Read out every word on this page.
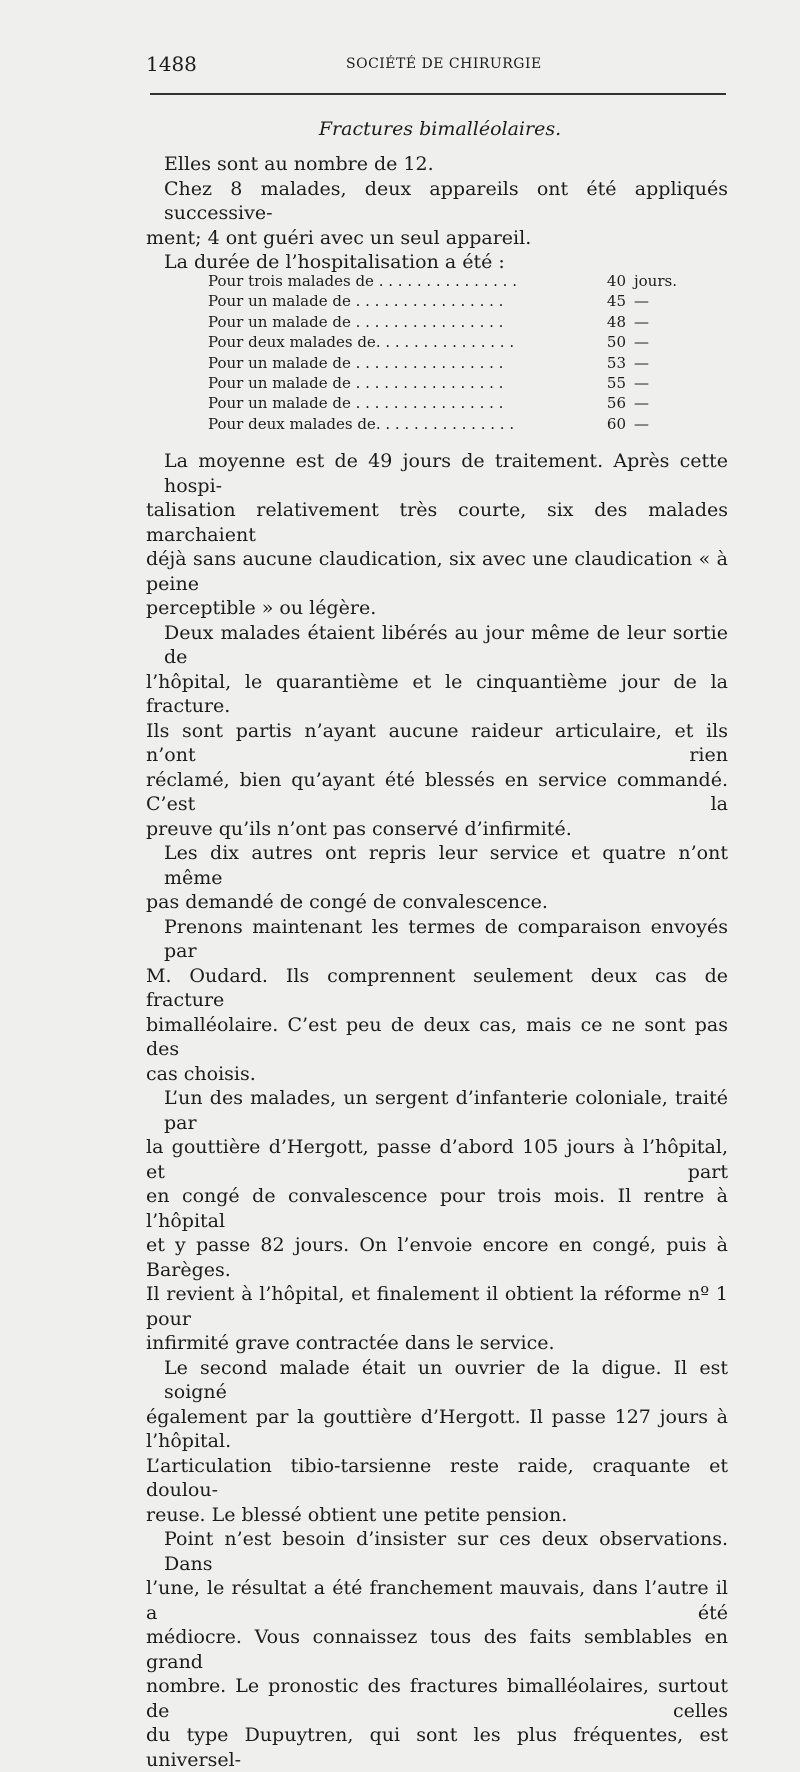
1488	SOCIÉTÉ DE CHIRURGIE
Fractures bimalléolaires.
Elles sont au nombre de 12.
Chez 8 malades, deux appareils ont été appliqués successive-
ment; 4 ont guéri avec un seul appareil.
La durée de l’hospitalisation a été :
Pour trois malades de . . . . . . . . . . . . . . .	40	jours.
Pour un malade de . . . . . . . . . . . . . . . .	45	—
Pour un malade de . . . . . . . . . . . . . . . .	48	—
Pour deux malades de. . . . . . . . . . . . . . .	50	—
Pour un malade de . . . . . . . . . . . . . . . .	53	—
Pour un malade de . . . . . . . . . . . . . . . .	55	—
Pour un malade de . . . . . . . . . . . . . . . .	56	—
Pour deux malades de. . . . . . . . . . . . . . .	60	—
La moyenne est de 49 jours de traitement. Après cette hospi-
talisation relativement très courte, six des malades marchaient
déjà sans aucune claudication, six avec une claudication « à peine
perceptible » ou légère.
Deux malades étaient libérés au jour même de leur sortie de
l’hôpital, le quarantième et le cinquantième jour de la fracture.
Ils sont partis n’ayant aucune raideur articulaire, et ils n’ont rien
réclamé, bien qu’ayant été blessés en service commandé. C’est la
preuve qu’ils n’ont pas conservé d’infirmité.
Les dix autres ont repris leur service et quatre n’ont même
pas demandé de congé de convalescence.
Prenons maintenant les termes de comparaison envoyés par
M. Oudard. Ils comprennent seulement deux cas de fracture
bimalléolaire. C’est peu de deux cas, mais ce ne sont pas des
cas choisis.
L’un des malades, un sergent d’infanterie coloniale, traité par
la gouttière d’Hergott, passe d’abord 105 jours à l’hôpital, et part
en congé de convalescence pour trois mois. Il rentre à l’hôpital
et y passe 82 jours. On l’envoie encore en congé, puis à Barèges.
Il revient à l’hôpital, et finalement il obtient la réforme nº 1 pour
infirmité grave contractée dans le service.
Le second malade était un ouvrier de la digue. Il est soigné
également par la gouttière d’Hergott. Il passe 127 jours à l’hôpital.
L’articulation tibio-tarsienne reste raide, craquante et doulou-
reuse. Le blessé obtient une petite pension.
Point n’est besoin d’insister sur ces deux observations. Dans
l’une, le résultat a été franchement mauvais, dans l’autre il a été
médiocre. Vous connaissez tous des faits semblables en grand
nombre. Le pronostic des fractures bimalléolaires, surtout de celles
du type Dupuytren, qui sont les plus fréquentes, est universel-
